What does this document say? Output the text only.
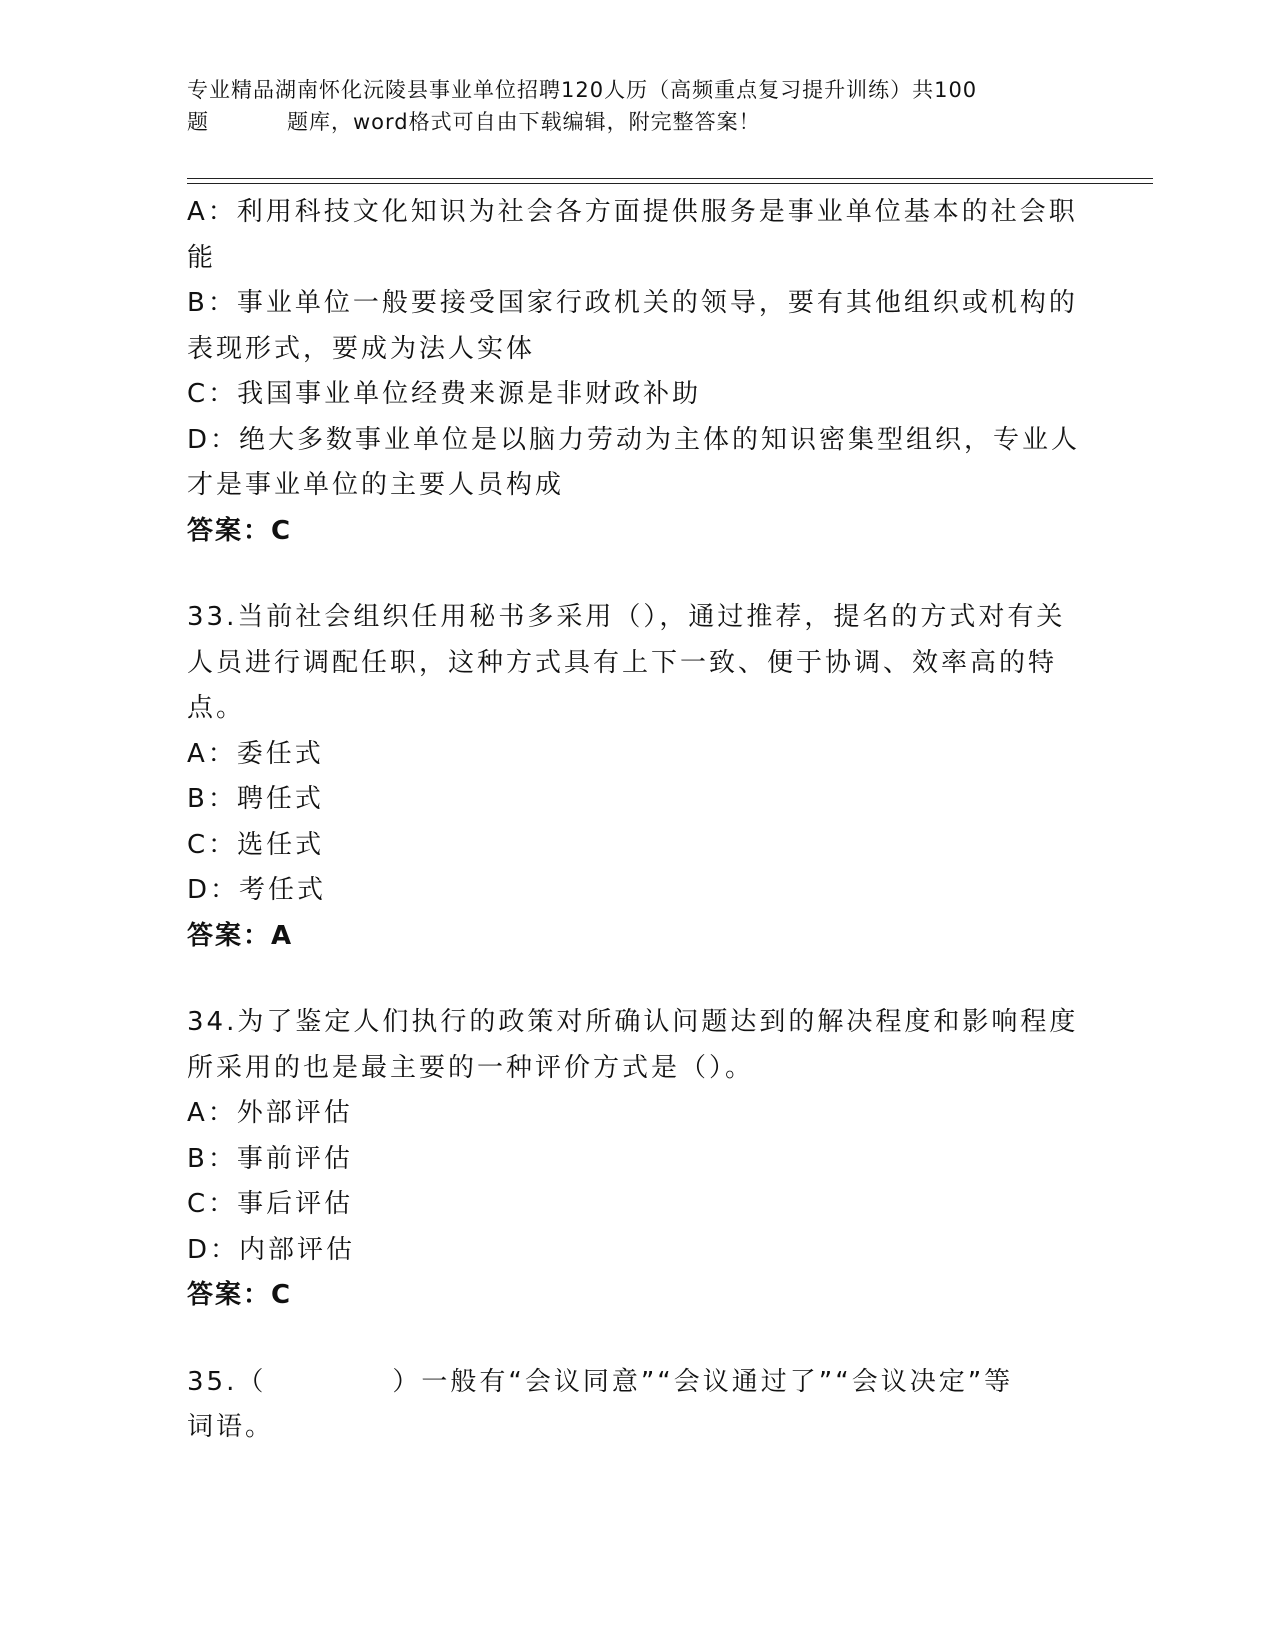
专业精品湖南怀化沅陵县事业单位招聘120人历（高频重点复习提升训练）共100
题	题库，word格式可自由下载编辑，附完整答案！
A：利用科技文化知识为社会各方面提供服务是事业单位基本的社会职
能
B：事业单位一般要接受国家行政机关的领导，要有其他组织或机构的
表现形式，要成为法人实体
C：我国事业单位经费来源是非财政补助
D：绝大多数事业单位是以脑力劳动为主体的知识密集型组织，专业人
才是事业单位的主要人员构成
答案：C
33.当前社会组织任用秘书多采用（），通过推荐，提名的方式对有关
人员进行调配任职，这种方式具有上下一致、便于协调、效率高的特
点。
A：委任式
B：聘任式
C：选任式
D：考任式
答案：A
34.为了鉴定人们执行的政策对所确认问题达到的解决程度和影响程度
所采用的也是最主要的一种评价方式是（）。
A：外部评估
B：事前评估
C：事后评估
D：内部评估
答案：C
35.（	）一般有“会议同意”“会议通过了”“会议决定”等
词语。
